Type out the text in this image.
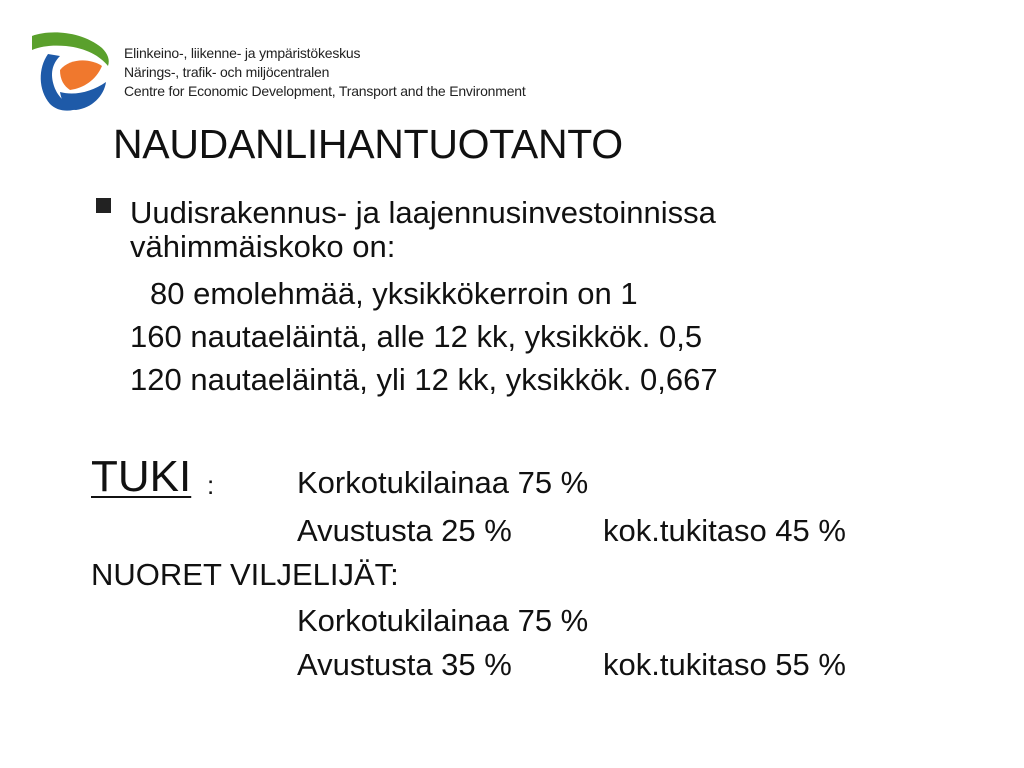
Elinkeino-, liikenne- ja ympäristökeskus
Närings-, trafik- och miljöcentralen
Centre for Economic Development, Transport and the Environment
NAUDANLIHANTUOTANTO
Uudisrakennus- ja laajennusinvestoinnissa
vähimmäiskoko on:
80 emolehmää, yksikkökerroin on 1
160 nautaeläintä, alle 12 kk, yksikkök. 0,5
120 nautaeläintä, yli 12 kk, yksikkök. 0,667
TUKI :	Korkotukilainaa 75 %
Avustusta 25 %	kok.tukitaso 45 %
NUORET VILJELIJÄT:
Korkotukilainaa 75 %
Avustusta 35 %	kok.tukitaso 55 %
